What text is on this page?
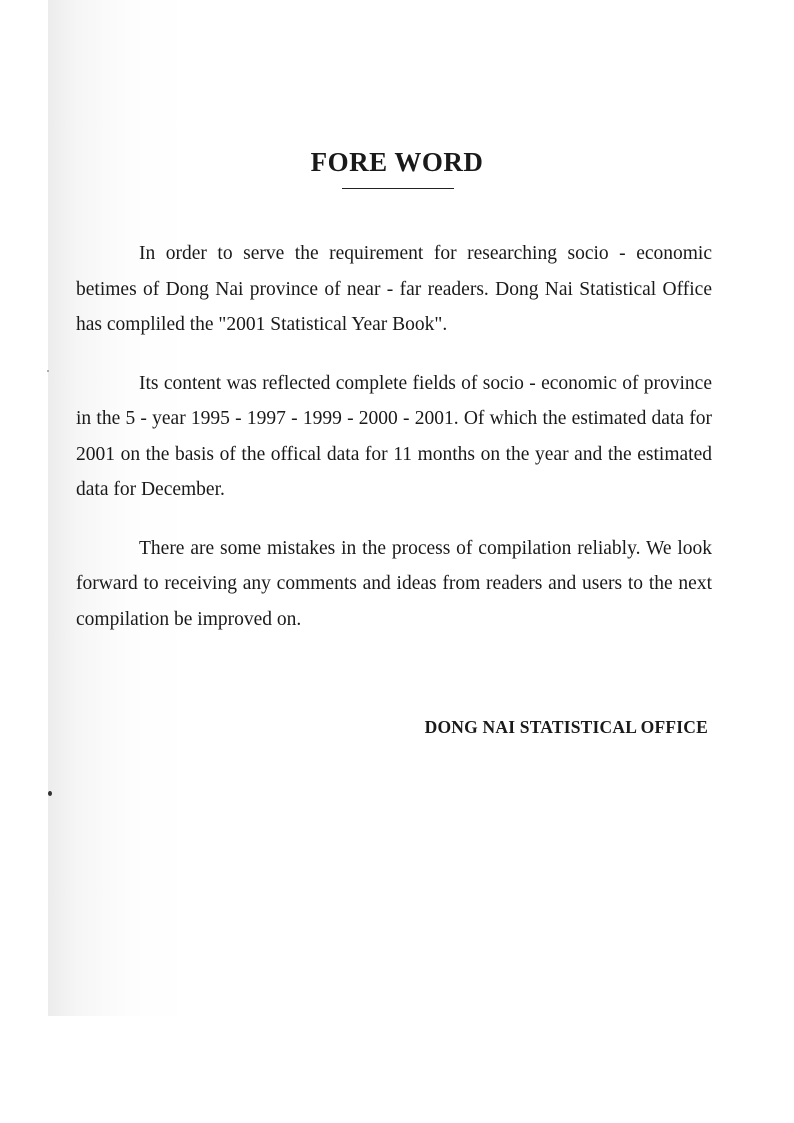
FORE WORD

In order to serve the requirement for researching socio - economic betimes of Dong Nai province of near - far readers. Dong Nai Statistical Office has compliled the "2001 Statistical Year Book".

Its content was reflected complete fields of socio - economic of province in the 5 - year 1995 - 1997 - 1999 - 2000 - 2001. Of which the estimated data for 2001 on the basis of the offical data for 11 months on the year and the estimated data for December.

There are some mistakes in the process of compilation reliably. We look forward to receiving any comments and ideas from readers and users to the next compilation be improved on.

DONG NAI STATISTICAL OFFICE
